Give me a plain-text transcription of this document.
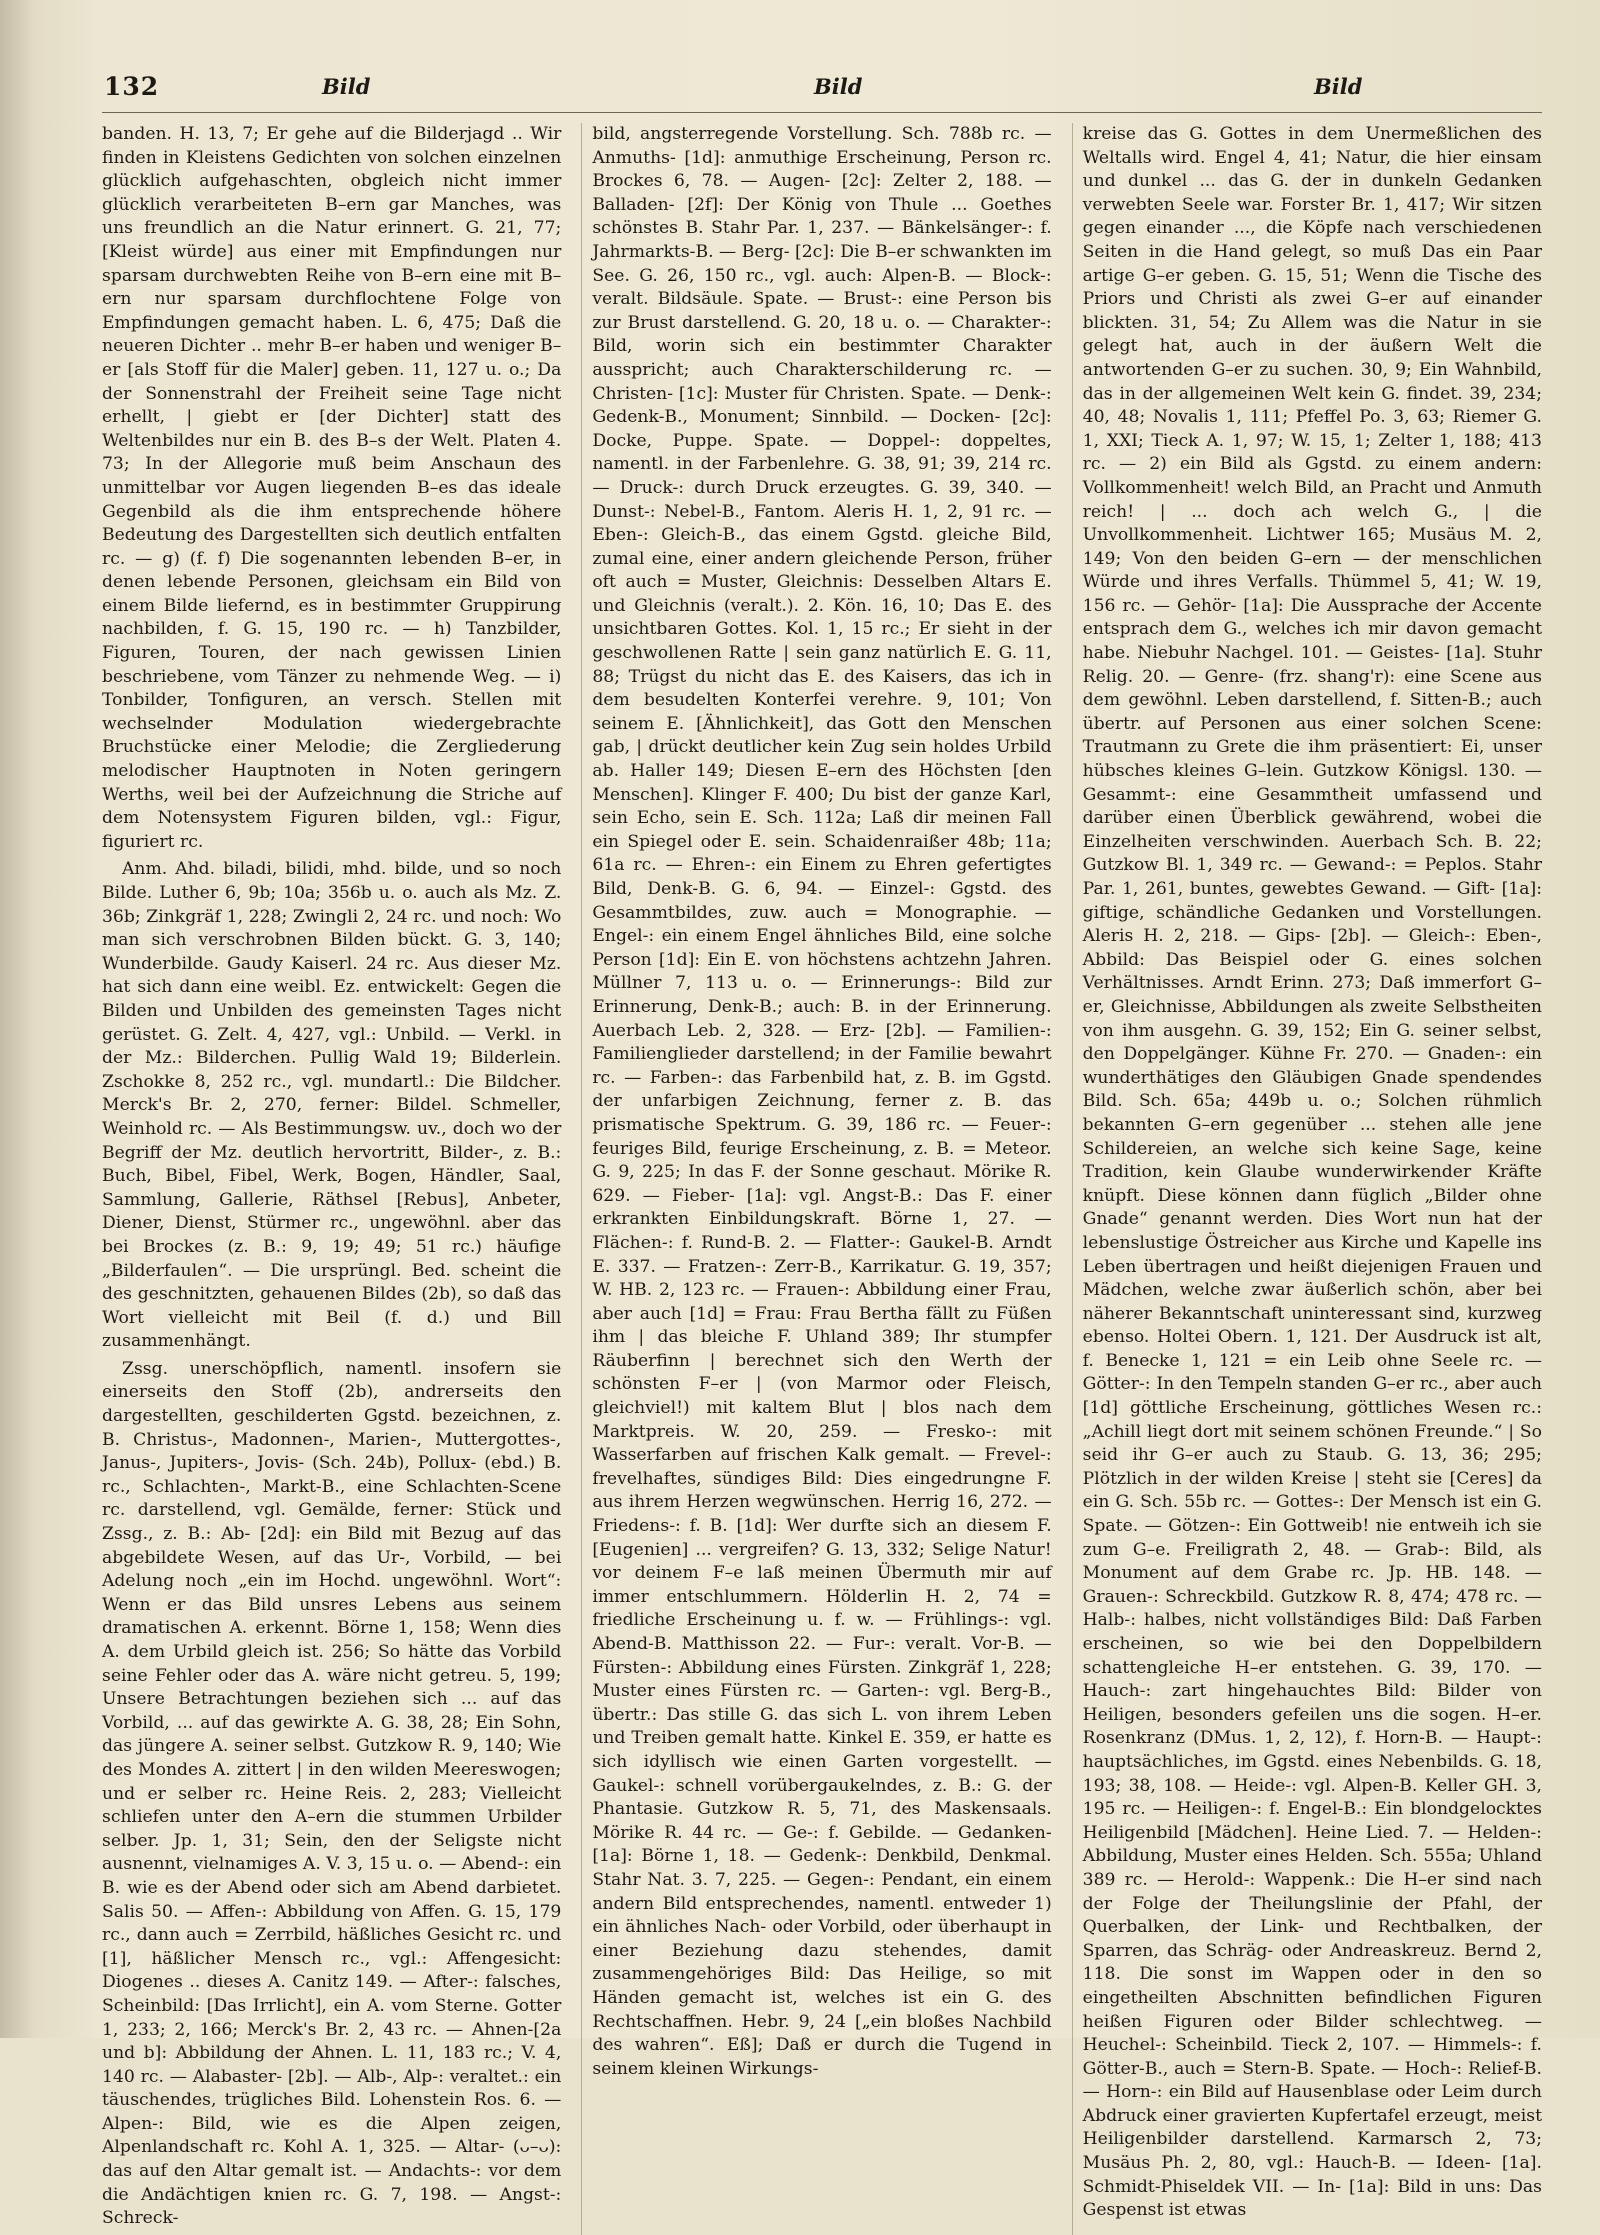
132	Bild	Bild	Bild

banden. H. 13, 7; Er gehe auf die Bilderjagd .. Wir finden in Kleistens Gedichten von solchen einzelnen glücklich aufgehaschten, obgleich nicht immer glücklich verarbeiteten B–ern gar Manches, was uns freundlich an die Natur erinnert. G. 21, 77; [Kleist würde] aus einer mit Empfindungen nur sparsam durchwebten Reihe von B–ern eine mit B–ern nur sparsam durchflochtene Folge von Empfindungen gemacht haben. L. 6, 475; Daß die neueren Dichter .. mehr B–er haben und weniger B–er [als Stoff für die Maler] geben. 11, 127 u. o.; Da der Sonnenstrahl der Freiheit seine Tage nicht erhellt, | giebt er [der Dichter] statt des Weltenbildes nur ein B. des B–s der Welt. Platen 4. 73; In der Allegorie muß beim Anschaun des unmittelbar vor Augen liegenden B–es das ideale Gegenbild als die ihm entsprechende höhere Bedeutung des Dargestellten sich deutlich entfalten rc. — g) (f. f) Die sogenannten lebenden B–er, in denen lebende Personen, gleichsam ein Bild von einem Bilde liefernd, es in bestimmter Gruppirung nachbilden, f. G. 15, 190 rc. — h) Tanzbilder, Figuren, Touren, der nach gewissen Linien beschriebene, vom Tänzer zu nehmende Weg. — i) Tonbilder, Tonfiguren, an versch. Stellen mit wechselnder Modulation wiedergebrachte Bruchstücke einer Melodie; die Zergliederung melodischer Hauptnoten in Noten geringern Werths, weil bei der Aufzeichnung die Striche auf dem Notensystem Figuren bilden, vgl.: Figur, figuriert rc.

Anm. Ahd. biladi, bilidi, mhd. bilde, und so noch Bilde. Luther 6, 9b; 10a; 356b u. o. auch als Mz. Z. 36b; Zinkgräf 1, 228; Zwingli 2, 24 rc. und noch: Wo man sich verschrobnen Bilden bückt. G. 3, 140; Wunderbilde. Gaudy Kaiserl. 24 rc. Aus dieser Mz. hat sich dann eine weibl. Ez. entwickelt: Gegen die Bilden und Unbilden des gemeinsten Tages nicht gerüstet. G. Zelt. 4, 427, vgl.: Unbild. — Verkl. in der Mz.: Bilderchen. Pullig Wald 19; Bilderlein. Zschokke 8, 252 rc., vgl. mundartl.: Die Bildcher. Merck's Br. 2, 270, ferner: Bildel. Schmeller, Weinhold rc. — Als Bestimmungsw. uv., doch wo der Begriff der Mz. deutlich hervortritt, Bilder-, z. B.: Buch, Bibel, Fibel, Werk, Bogen, Händler, Saal, Sammlung, Gallerie, Räthsel [Rebus], Anbeter, Diener, Dienst, Stürmer rc., ungewöhnl. aber das bei Brockes (z. B.: 9, 19; 49; 51 rc.) häufige „Bilderfaulen“. — Die ursprüngl. Bed. scheint die des geschnitzten, gehauenen Bildes (2b), so daß das Wort vielleicht mit Beil (f. d.) und Bill zusammenhängt.

Zssg. unerschöpflich, namentl. insofern sie einerseits den Stoff (2b), andrerseits den dargestellten, geschilderten Ggstd. bezeichnen, z. B. Christus-, Madonnen-, Marien-, Muttergottes-, Janus-, Jupiters-, Jovis- (Sch. 24b), Pollux- (ebd.) B. rc., Schlachten-, Markt-B., eine Schlachten-Scene rc. darstellend, vgl. Gemälde, ferner: Stück und Zssg., z. B.: Ab- [2d]: ein Bild mit Bezug auf das abgebildete Wesen, auf das Ur-, Vorbild, — bei Adelung noch „ein im Hochd. ungewöhnl. Wort“: Wenn er das Bild unsres Lebens aus seinem dramatischen A. erkennt. Börne 1, 158; Wenn dies A. dem Urbild gleich ist. 256; So hätte das Vorbild seine Fehler oder das A. wäre nicht getreu. 5, 199; Unsere Betrachtungen beziehen sich ... auf das Vorbild, ... auf das gewirkte A. G. 38, 28; Ein Sohn, das jüngere A. seiner selbst. Gutzkow R. 9, 140; Wie des Mondes A. zittert | in den wilden Meereswogen; und er selber rc. Heine Reis. 2, 283; Vielleicht schliefen unter den A–ern die stummen Urbilder selber. Jp. 1, 31; Sein, den der Seligste nicht ausnennt, vielnamiges A. V. 3, 15 u. o. — Abend-: ein B. wie es der Abend oder sich am Abend darbietet. Salis 50. — Affen-: Abbildung von Affen. G. 15, 179 rc., dann auch = Zerrbild, häßliches Gesicht rc. und [1], häßlicher Mensch rc., vgl.: Affengesicht: Diogenes .. dieses A. Canitz 149. — After-: falsches, Scheinbild: [Das Irrlicht], ein A. vom Sterne. Gotter 1, 233; 2, 166; Merck's Br. 2, 43 rc. — Ahnen-[2a und b]: Abbildung der Ahnen. L. 11, 183 rc.; V. 4, 140 rc. — Alabaster- [2b]. — Alb-, Alp-: veraltet.: ein täuschendes, trügliches Bild. Lohenstein Ros. 6. — Alpen-: Bild, wie es die Alpen zeigen, Alpenlandschaft rc. Kohl A. 1, 325. — Altar- (ᴗ–ᴗ): das auf den Altar gemalt ist. — Andachts-: vor dem die Andächtigen knien rc. G. 7, 198. — Angst-: Schreck-

bild, angsterregende Vorstellung. Sch. 788b rc. — Anmuths- [1d]: anmuthige Erscheinung, Person rc. Brockes 6, 78. — Augen- [2c]: Zelter 2, 188. — Balladen- [2f]: Der König von Thule ... Goethes schönstes B. Stahr Par. 1, 237. — Bänkelsänger-: f. Jahrmarkts-B. — Berg- [2c]: Die B–er schwankten im See. G. 26, 150 rc., vgl. auch: Alpen-B. — Block-: veralt. Bildsäule. Spate. — Brust-: eine Person bis zur Brust darstellend. G. 20, 18 u. o. — Charakter-: Bild, worin sich ein bestimmter Charakter ausspricht; auch Charakterschilderung rc. — Christen- [1c]: Muster für Christen. Spate. — Denk-: Gedenk-B., Monument; Sinnbild. — Docken- [2c]: Docke, Puppe. Spate. — Doppel-: doppeltes, namentl. in der Farbenlehre. G. 38, 91; 39, 214 rc. — Druck-: durch Druck erzeugtes. G. 39, 340. — Dunst-: Nebel-B., Fantom. Aleris H. 1, 2, 91 rc. — Eben-: Gleich-B., das einem Ggstd. gleiche Bild, zumal eine, einer andern gleichende Person, früher oft auch = Muster, Gleichnis: Desselben Altars E. und Gleichnis (veralt.). 2. Kön. 16, 10; Das E. des unsichtbaren Gottes. Kol. 1, 15 rc.; Er sieht in der geschwollenen Ratte | sein ganz natürlich E. G. 11, 88; Trügst du nicht das E. des Kaisers, das ich in dem besudelten Konterfei verehre. 9, 101; Von seinem E. [Ähnlichkeit], das Gott den Menschen gab, | drückt deutlicher kein Zug sein holdes Urbild ab. Haller 149; Diesen E–ern des Höchsten [den Menschen]. Klinger F. 400; Du bist der ganze Karl, sein Echo, sein E. Sch. 112a; Laß dir meinen Fall ein Spiegel oder E. sein. Schaidenraißer 48b; 11a; 61a rc. — Ehren-: ein Einem zu Ehren gefertigtes Bild, Denk-B. G. 6, 94. — Einzel-: Ggstd. des Gesammtbildes, zuw. auch = Monographie. — Engel-: ein einem Engel ähnliches Bild, eine solche Person [1d]: Ein E. von höchstens achtzehn Jahren. Müllner 7, 113 u. o. — Erinnerungs-: Bild zur Erinnerung, Denk-B.; auch: B. in der Erinnerung. Auerbach Leb. 2, 328. — Erz- [2b]. — Familien-: Familienglieder darstellend; in der Familie bewahrt rc. — Farben-: das Farbenbild hat, z. B. im Ggstd. der unfarbigen Zeichnung, ferner z. B. das prismatische Spektrum. G. 39, 186 rc. — Feuer-: feuriges Bild, feurige Erscheinung, z. B. = Meteor. G. 9, 225; In das F. der Sonne geschaut. Mörike R. 629. — Fieber- [1a]: vgl. Angst-B.: Das F. einer erkrankten Einbildungskraft. Börne 1, 27. — Flächen-: f. Rund-B. 2. — Flatter-: Gaukel-B. Arndt E. 337. — Fratzen-: Zerr-B., Karrikatur. G. 19, 357; W. HB. 2, 123 rc. — Frauen-: Abbildung einer Frau, aber auch [1d] = Frau: Frau Bertha fällt zu Füßen ihm | das bleiche F. Uhland 389; Ihr stumpfer Räuberfinn | berechnet sich den Werth der schönsten F–er | (von Marmor oder Fleisch, gleichviel!) mit kaltem Blut | blos nach dem Marktpreis. W. 20, 259. — Fresko-: mit Wasserfarben auf frischen Kalk gemalt. — Frevel-: frevelhaftes, sündiges Bild: Dies eingedrungne F. aus ihrem Herzen wegwünschen. Herrig 16, 272. — Friedens-: f. B. [1d]: Wer durfte sich an diesem F. [Eugenien] ... vergreifen? G. 13, 332; Selige Natur! vor deinem F–e laß meinen Übermuth mir auf immer entschlummern. Hölderlin H. 2, 74 = friedliche Erscheinung u. f. w. — Frühlings-: vgl. Abend-B. Matthisson 22. — Fur-: veralt. Vor-B. — Fürsten-: Abbildung eines Fürsten. Zinkgräf 1, 228; Muster eines Fürsten rc. — Garten-: vgl. Berg-B., übertr.: Das stille G. das sich L. von ihrem Leben und Treiben gemalt hatte. Kinkel E. 359, er hatte es sich idyllisch wie einen Garten vorgestellt. — Gaukel-: schnell vorübergaukelndes, z. B.: G. der Phantasie. Gutzkow R. 5, 71, des Maskensaals. Mörike R. 44 rc. — Ge-: f. Gebilde. — Gedanken- [1a]: Börne 1, 18. — Gedenk-: Denkbild, Denkmal. Stahr Nat. 3. 7, 225. — Gegen-: Pendant, ein einem andern Bild entsprechendes, namentl. entweder 1) ein ähnliches Nach- oder Vorbild, oder überhaupt in einer Beziehung dazu stehendes, damit zusammengehöriges Bild: Das Heilige, so mit Händen gemacht ist, welches ist ein G. des Rechtschaffnen. Hebr. 9, 24 [„ein bloßes Nachbild des wahren“. Eß]; Daß er durch die Tugend in seinem kleinen Wirkungs-

kreise das G. Gottes in dem Unermeßlichen des Weltalls wird. Engel 4, 41; Natur, die hier einsam und dunkel ... das G. der in dunkeln Gedanken verwebten Seele war. Forster Br. 1, 417; Wir sitzen gegen einander ..., die Köpfe nach verschiedenen Seiten in die Hand gelegt, so muß Das ein Paar artige G–er geben. G. 15, 51; Wenn die Tische des Priors und Christi als zwei G–er auf einander blickten. 31, 54; Zu Allem was die Natur in sie gelegt hat, auch in der äußern Welt die antwortenden G–er zu suchen. 30, 9; Ein Wahnbild, das in der allgemeinen Welt kein G. findet. 39, 234; 40, 48; Novalis 1, 111; Pfeffel Po. 3, 63; Riemer G. 1, XXI; Tieck A. 1, 97; W. 15, 1; Zelter 1, 188; 413 rc. — 2) ein Bild als Ggstd. zu einem andern: Vollkommenheit! welch Bild, an Pracht und Anmuth reich! | ... doch ach welch G., | die Unvollkommenheit. Lichtwer 165; Musäus M. 2, 149; Von den beiden G–ern — der menschlichen Würde und ihres Verfalls. Thümmel 5, 41; W. 19, 156 rc. — Gehör- [1a]: Die Aussprache der Accente entsprach dem G., welches ich mir davon gemacht habe. Niebuhr Nachgel. 101. — Geistes- [1a]. Stuhr Relig. 20. — Genre- (frz. shang'r): eine Scene aus dem gewöhnl. Leben darstellend, f. Sitten-B.; auch übertr. auf Personen aus einer solchen Scene: Trautmann zu Grete die ihm präsentiert: Ei, unser hübsches kleines G–lein. Gutzkow Königsl. 130. — Gesammt-: eine Gesammtheit umfassend und darüber einen Überblick gewährend, wobei die Einzelheiten verschwinden. Auerbach Sch. B. 22; Gutzkow Bl. 1, 349 rc. — Gewand-: = Peplos. Stahr Par. 1, 261, buntes, gewebtes Gewand. — Gift- [1a]: giftige, schändliche Gedanken und Vorstellungen. Aleris H. 2, 218. — Gips- [2b]. — Gleich-: Eben-, Abbild: Das Beispiel oder G. eines solchen Verhältnisses. Arndt Erinn. 273; Daß immerfort G–er, Gleichnisse, Abbildungen als zweite Selbstheiten von ihm ausgehn. G. 39, 152; Ein G. seiner selbst, den Doppelgänger. Kühne Fr. 270. — Gnaden-: ein wunderthätiges den Gläubigen Gnade spendendes Bild. Sch. 65a; 449b u. o.; Solchen rühmlich bekannten G–ern gegenüber ... stehen alle jene Schildereien, an welche sich keine Sage, keine Tradition, kein Glaube wunderwirkender Kräfte knüpft. Diese können dann füglich „Bilder ohne Gnade“ genannt werden. Dies Wort nun hat der lebenslustige Östreicher aus Kirche und Kapelle ins Leben übertragen und heißt diejenigen Frauen und Mädchen, welche zwar äußerlich schön, aber bei näherer Bekanntschaft uninteressant sind, kurzweg ebenso. Holtei Obern. 1, 121. Der Ausdruck ist alt, f. Benecke 1, 121 = ein Leib ohne Seele rc. — Götter-: In den Tempeln standen G–er rc., aber auch [1d] göttliche Erscheinung, göttliches Wesen rc.: „Achill liegt dort mit seinem schönen Freunde.“ | So seid ihr G–er auch zu Staub. G. 13, 36; 295; Plötzlich in der wilden Kreise | steht sie [Ceres] da ein G. Sch. 55b rc. — Gottes-: Der Mensch ist ein G. Spate. — Götzen-: Ein Gottweib! nie entweih ich sie zum G–e. Freiligrath 2, 48. — Grab-: Bild, als Monument auf dem Grabe rc. Jp. HB. 148. — Grauen-: Schreckbild. Gutzkow R. 8, 474; 478 rc. — Halb-: halbes, nicht vollständiges Bild: Daß Farben erscheinen, so wie bei den Doppelbildern schattengleiche H–er entstehen. G. 39, 170. — Hauch-: zart hingehauchtes Bild: Bilder von Heiligen, besonders gefeilen uns die sogen. H–er. Rosenkranz (DMus. 1, 2, 12), f. Horn-B. — Haupt-: hauptsächliches, im Ggstd. eines Nebenbilds. G. 18, 193; 38, 108. — Heide-: vgl. Alpen-B. Keller GH. 3, 195 rc. — Heiligen-: f. Engel-B.: Ein blondgelocktes Heiligenbild [Mädchen]. Heine Lied. 7. — Helden-: Abbildung, Muster eines Helden. Sch. 555a; Uhland 389 rc. — Herold-: Wappenk.: Die H–er sind nach der Folge der Theilungslinie der Pfahl, der Querbalken, der Link- und Rechtbalken, der Sparren, das Schräg- oder Andreaskreuz. Bernd 2, 118. Die sonst im Wappen oder in den so eingetheilten Abschnitten befindlichen Figuren heißen Figuren oder Bilder schlechtweg. — Heuchel-: Scheinbild. Tieck 2, 107. — Himmels-: f. Götter-B., auch = Stern-B. Spate. — Hoch-: Relief-B. — Horn-: ein Bild auf Hausenblase oder Leim durch Abdruck einer gravierten Kupfertafel erzeugt, meist Heiligenbilder darstellend. Karmarsch 2, 73; Musäus Ph. 2, 80, vgl.: Hauch-B. — Ideen- [1a]. Schmidt-Phiseldek VII. — In- [1a]: Bild in uns: Das Gespenst ist etwas
